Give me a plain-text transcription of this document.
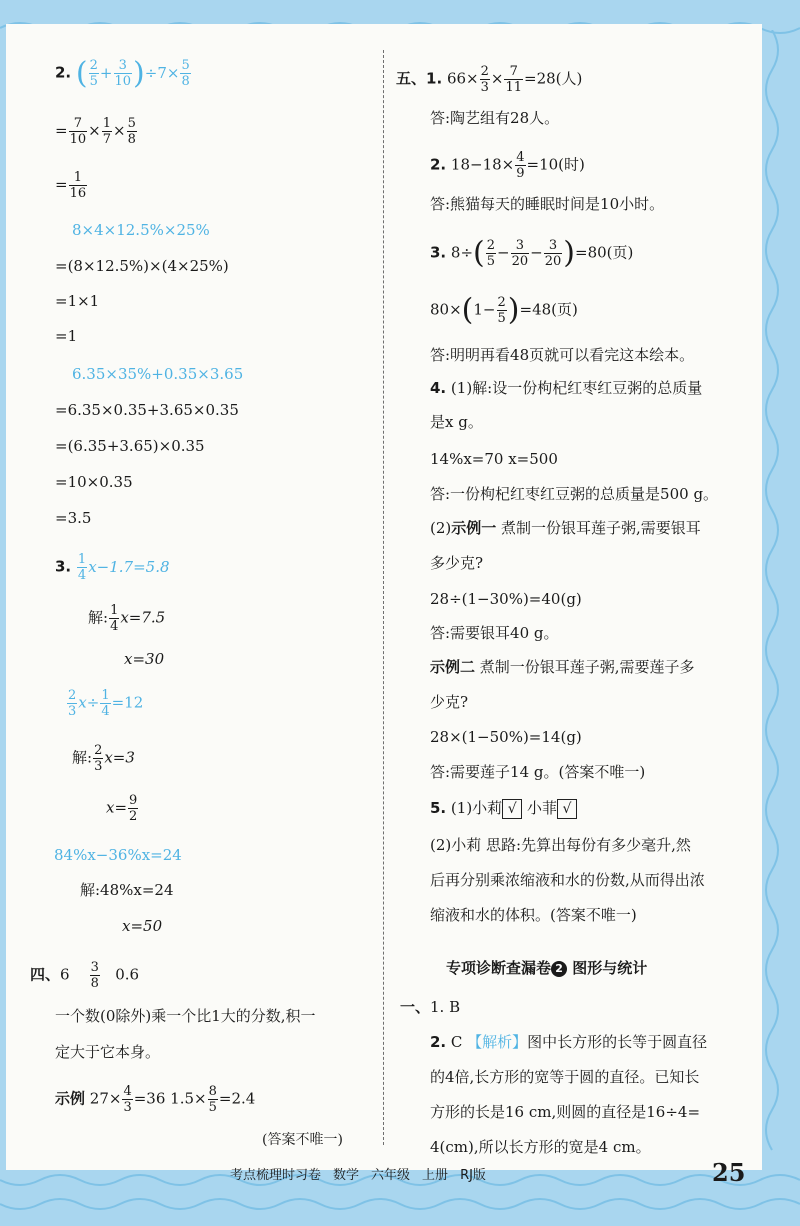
2. ( $\frac{2}{5} + \frac{3}{10} )\div 7\times \frac{5}{8}$
= $\frac{7}{10} \times \frac{1}{7} \times \frac{5}{8}$
= $\frac{1}{16}$
8×4×12.5%×25%
=(8×12.5%)×(4×25%)
=1×1
=1
6.35×35%+0.35×3.65
=6.35×0.35+3.65×0.35
=(6.35+3.65)×0.35
=10×0.35
=3.5
3. $\frac{1}{4} x-1.7=5.8$
解: $\frac{1}{4} x=7.5$
x=30
$\frac{2}{3} x\div \frac{1}{4} =12$
解: $\frac{2}{3} x=3$
$x= \frac{9}{2}$
84%x−36%x=24
解:48%x=24
x=50
四、$6 \frac{3}{8} 0.6$
一个数(0除外)乘一个比1大的分数,积一
定大于它本身。
示例 $27\times \frac{4}{3} =36$ $1.5\times \frac{8}{5} =2.4$
(答案不唯一)
五、1. $66\times \frac{2}{3} \times \frac{7}{11} =28$(人)
答:陶艺组有28人。
2. $18-18\times \frac{4}{9} =10$(时)
答:熊猫每天的睡眠时间是10小时。
3. $8\div( \frac{2}{5} - \frac{3}{20} - \frac{3}{20} )=80$(页)
$80\times(1- \frac{2}{5} )=48$(页)
答:明明再看48页就可以看完这本绘本。
4. (1)解:设一份枸杞红枣红豆粥的总质量
是x g。
14%x=70 x=500
答:一份枸杞红枣红豆粥的总质量是500 g。
(2)示例一 煮制一份银耳莲子粥,需要银耳
多少克?
28÷(1−30%)=40(g)
答:需要银耳40 g。
示例二 煮制一份银耳莲子粥,需要莲子多
少克?
28×(1−50%)=14(g)
答:需要莲子14 g。(答案不唯一)
5. (1)小莉 √ 小菲 √
(2)小莉 思路:先算出每份有多少毫升,然
后再分别乘浓缩液和水的份数,从而得出浓
缩液和水的体积。(答案不唯一)
专项诊断查漏卷 2 图形与统计
一、1. B
2. C 【解析】图中长方形的长等于圆直径
的4倍,长方形的宽等于圆的直径。已知长
方形的长是16 cm,则圆的直径是16÷4=
4(cm),所以长方形的宽是4 cm。
考点梳理时习卷 数学 六年级 上册 RJ版	25
